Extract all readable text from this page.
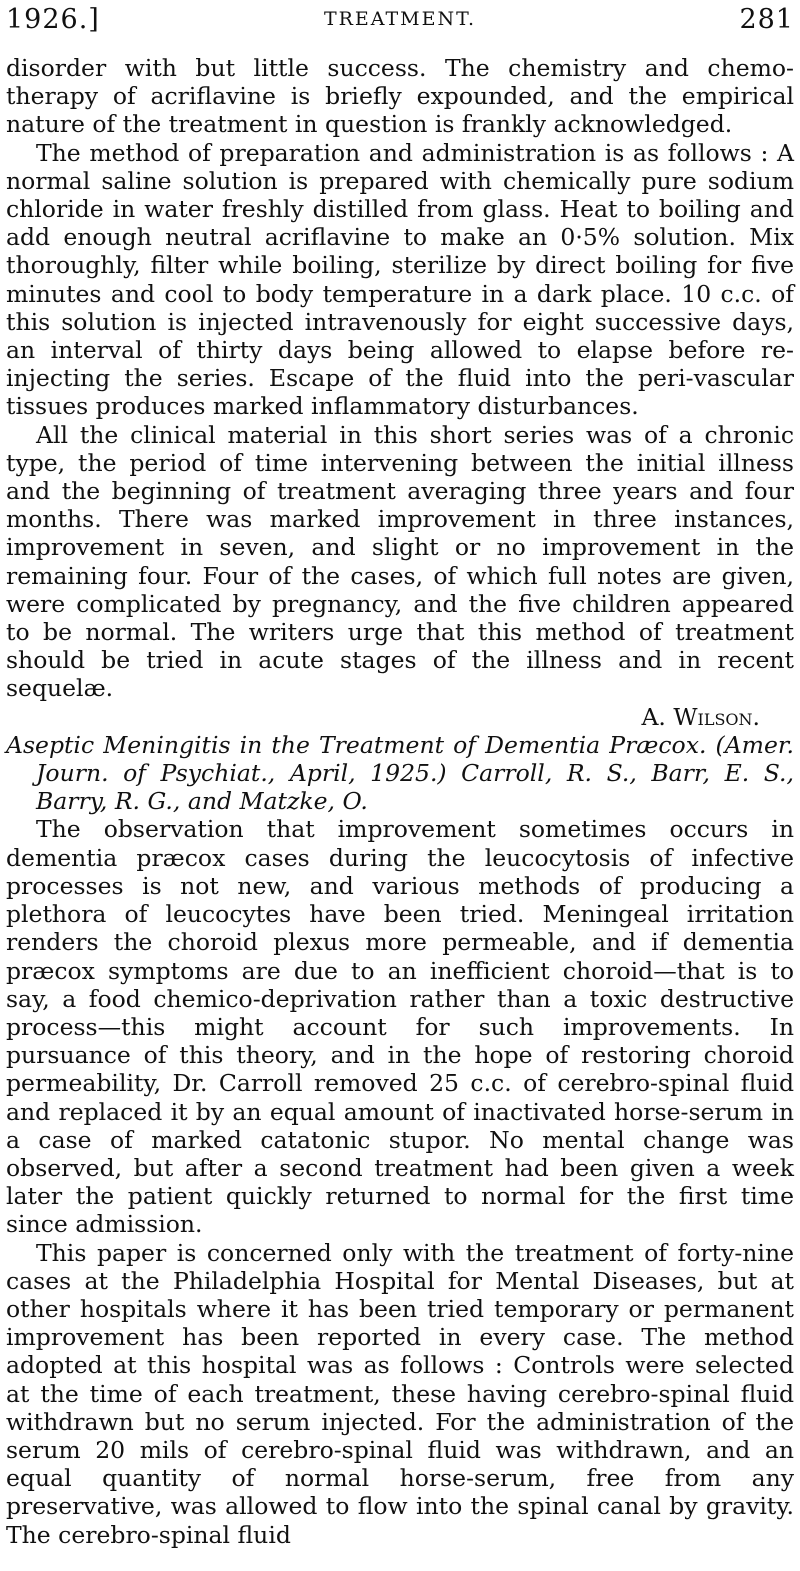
1926.]	TREATMENT.	281

disorder with but little success. The chemistry and chemo-therapy of acriflavine is briefly expounded, and the empirical nature of the treatment in question is frankly acknowledged.

The method of preparation and administration is as follows : A normal saline solution is prepared with chemically pure sodium chloride in water freshly distilled from glass. Heat to boiling and add enough neutral acriflavine to make an 0·5% solution. Mix thoroughly, filter while boiling, sterilize by direct boiling for five minutes and cool to body temperature in a dark place. 10 c.c. of this solution is injected intravenously for eight successive days, an interval of thirty days being allowed to elapse before re-injecting the series. Escape of the fluid into the peri-vascular tissues produces marked inflammatory disturbances.

All the clinical material in this short series was of a chronic type, the period of time intervening between the initial illness and the beginning of treatment averaging three years and four months. There was marked improvement in three instances, improvement in seven, and slight or no improvement in the remaining four. Four of the cases, of which full notes are given, were complicated by pregnancy, and the five children appeared to be normal. The writers urge that this method of treatment should be tried in acute stages of the illness and in recent sequelæ.

A. Wilson.

Aseptic Meningitis in the Treatment of Dementia Præcox. (Amer. Journ. of Psychiat., April, 1925.) Carroll, R. S., Barr, E. S., Barry, R. G., and Matzke, O.

The observation that improvement sometimes occurs in dementia præcox cases during the leucocytosis of infective processes is not new, and various methods of producing a plethora of leucocytes have been tried. Meningeal irritation renders the choroid plexus more permeable, and if dementia præcox symptoms are due to an inefficient choroid—that is to say, a food chemico-deprivation rather than a toxic destructive process—this might account for such improvements. In pursuance of this theory, and in the hope of restoring choroid permeability, Dr. Carroll removed 25 c.c. of cerebro-spinal fluid and replaced it by an equal amount of inactivated horse-serum in a case of marked catatonic stupor. No mental change was observed, but after a second treatment had been given a week later the patient quickly returned to normal for the first time since admission.

This paper is concerned only with the treatment of forty-nine cases at the Philadelphia Hospital for Mental Diseases, but at other hospitals where it has been tried temporary or permanent improvement has been reported in every case. The method adopted at this hospital was as follows : Controls were selected at the time of each treatment, these having cerebro-spinal fluid withdrawn but no serum injected. For the administration of the serum 20 mils of cerebro-spinal fluid was withdrawn, and an equal quantity of normal horse-serum, free from any preservative, was allowed to flow into the spinal canal by gravity. The cerebro-spinal fluid
